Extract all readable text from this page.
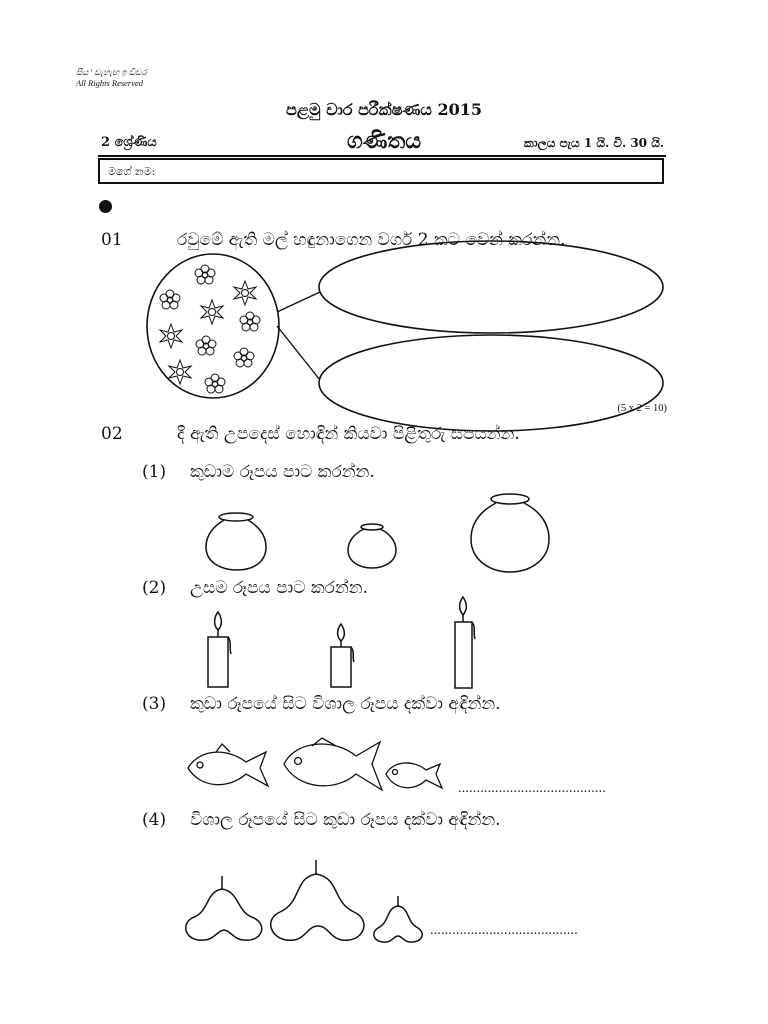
සිය ' ඩැහැඟ ඉ ඩිඩර
All Rights Reserved
පළමු වාර පරීක්ෂණය 2015
2 ශ්‍රේණිය	ගණිතය	කාලය පැය 1 යි. වි. 30 යි.
මගේ නම:
01	රවුමේ ඇති මල් හඳුනාගෙන වර්ග 2 කට වෙන් කරන්න.
(5 x 2 = 10)
02	දී ඇති උපදෙස් හොඳින් කියවා පිළිතුරු සපයන්න.
(1) කුඩාම රූපය පාට කරන්න.
(2) උසම රූපය පාට කරන්න.
(3) කුඩා රූපයේ සිට විශාල රූපය දක්වා අඳින්න.
........................................
(4) විශාල රූපයේ සිට කුඩා රූපය දක්වා අඳින්න.
........................................
